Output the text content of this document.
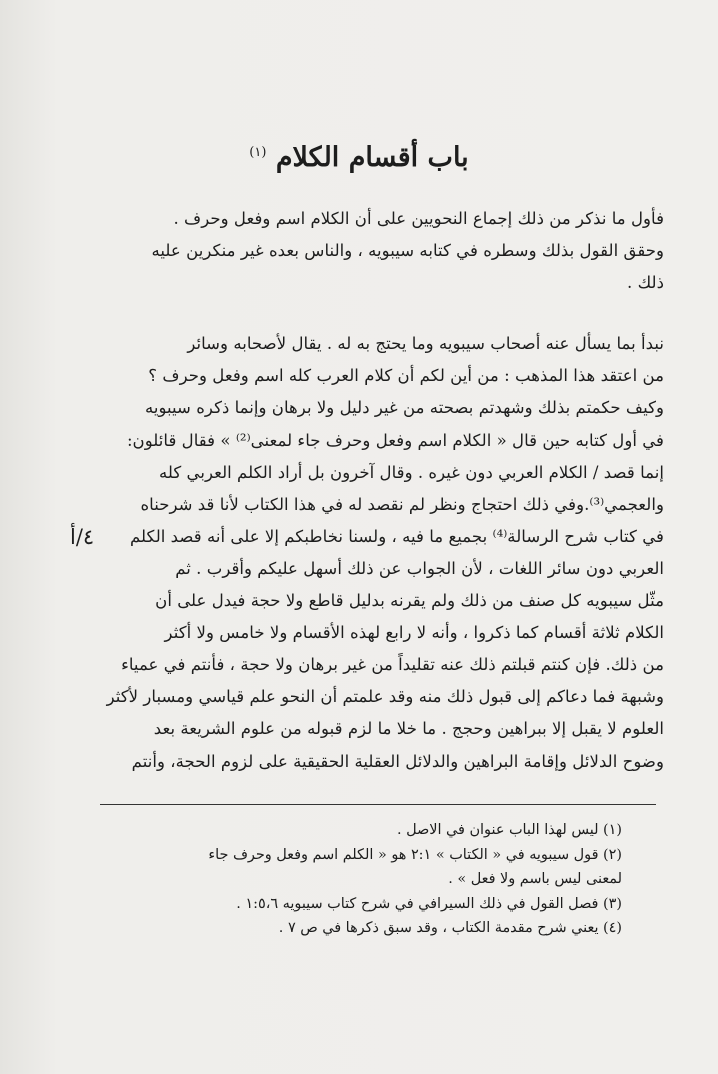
باب أقسام الكلام $^{(١)}$
فأول ما نذكر من ذلك إجماع النحويين على أن الكلام اسم وفعل وحرف .
وحقق القول بذلك وسطره في كتابه سيبويه ، والناس بعده غير منكرين عليه
ذلك .
نبدأ بما يسأل عنه أصحاب سيبويه وما يحتج به له . يقال لأصحابه وسائر
من اعتقد هذا المذهب : من أين لكم أن كلام العرب كله اسم وفعل وحرف ؟
وكيف حكمتم بذلك وشهدتم بصحته من غير دليل ولا برهان وإنما ذكره سيبويه
في أول كتابه حين قال « الكلام اسم وفعل وحرف جاء لمعنى⁽²⁾ » فقال قائلون:
إنما قصد / الكلام العربي دون غيره . وقال آخرون بل أراد الكلم العربي كله
والعجمي⁽³⁾.وفي ذلك احتجاج ونظر لم نقصد له في هذا الكتاب لأنا قد شرحناه
في كتاب شرح الرسالة⁽⁴⁾ بجميع ما فيه ، ولسنا نخاطبكم إلا على أنه قصد الكلم
العربي دون سائر اللغات ، لأن الجواب عن ذلك أسهل عليكم وأقرب . ثم
مثّل سيبويه كل صنف من ذلك ولم يقرنه بدليل قاطع ولا حجة فيدل على أن
الكلام ثلاثة أقسام كما ذكروا ، وأنه لا رابع لهذه الأقسام ولا خامس ولا أكثر
من ذلك. فإن كنتم قبلتم ذلك عنه تقليداً من غير برهان ولا حجة ، فأنتم في عمياء
وشبهة فما دعاكم إلى قبول ذلك منه وقد علمتم أن النحو علم قياسي ومسبار لأكثر
العلوم لا يقبل إلا ببراهين وحجج . ما خلا ما لزم قبوله من علوم الشريعة بعد
وضوح الدلائل وإقامة البراهين والدلائل العقلية الحقيقية على لزوم الحجة، وأنتم
٤/أ
(١) ليس لهذا الباب عنوان في الاصل .
(٢) قول سيبويه في « الكتاب » ٢:١ هو « الكلم اسم وفعل وحرف جاء
لمعنى ليس باسم ولا فعل » .
(٣) فصل القول في ذلك السيرافي في شرح كتاب سيبويه ١:٥،٦ .
(٤) يعني شرح مقدمة الكتاب ، وقد سبق ذكرها في ص ٧ .
